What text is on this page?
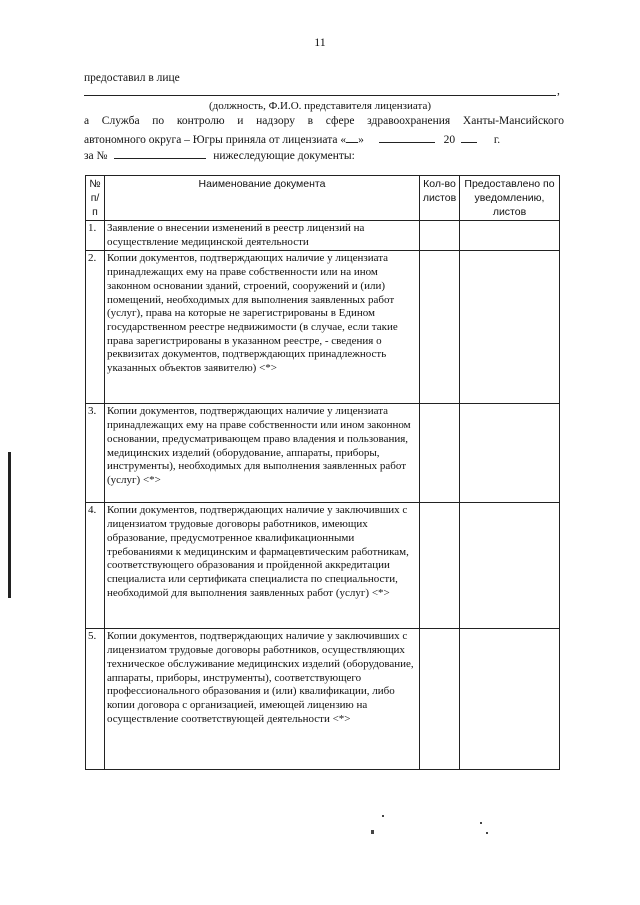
11
предоставил в лице
,
(должность, Ф.И.О. представителя лицензиата)
а Служба по контролю и надзору в сфере здравоохранения Ханты-Мансийского
автономного округа – Югры приняла от лицензиата « »	20	г.
за №	нижеследующие документы:
№ п/п	Наименование документа	Кол-во листов	Предоставлено по уведомлению, листов
1.	Заявление о внесении изменений в реестр лицензий на осуществление медицинской деятельности		
2.	Копии документов, подтверждающих наличие у лицензиата принадлежащих ему на праве собственности или на ином законном основании зданий, строений, сооружений и (или) помещений, необходимых для выполнения заявленных работ (услуг), права на которые не зарегистрированы в Едином государственном реестре недвижимости (в случае, если такие права зарегистрированы в указанном реестре, - сведения о реквизитах документов, подтверждающих принадлежность указанных объектов заявителю) <*>		
3.	Копии документов, подтверждающих наличие у лицензиата принадлежащих ему на праве собственности или ином законном основании, предусматривающем право владения и пользования, медицинских изделий (оборудование, аппараты, приборы, инструменты), необходимых для выполнения заявленных работ (услуг) <*>		
4.	Копии документов, подтверждающих наличие у заключивших с лицензиатом трудовые договоры работников, имеющих образование, предусмотренное квалификационными требованиями к медицинским и фармацевтическим работникам, соответствующего образования и пройденной аккредитации специалиста или сертификата специалиста по специальности, необходимой для выполнения заявленных работ (услуг) <*>		
5.	Копии документов, подтверждающих наличие у заключивших с лицензиатом трудовые договоры работников, осуществляющих техническое обслуживание медицинских изделий (оборудование, аппараты, приборы, инструменты), соответствующего профессионального образования и (или) квалификации, либо копии договора с организацией, имеющей лицензию на осуществление соответствующей деятельности <*>		
